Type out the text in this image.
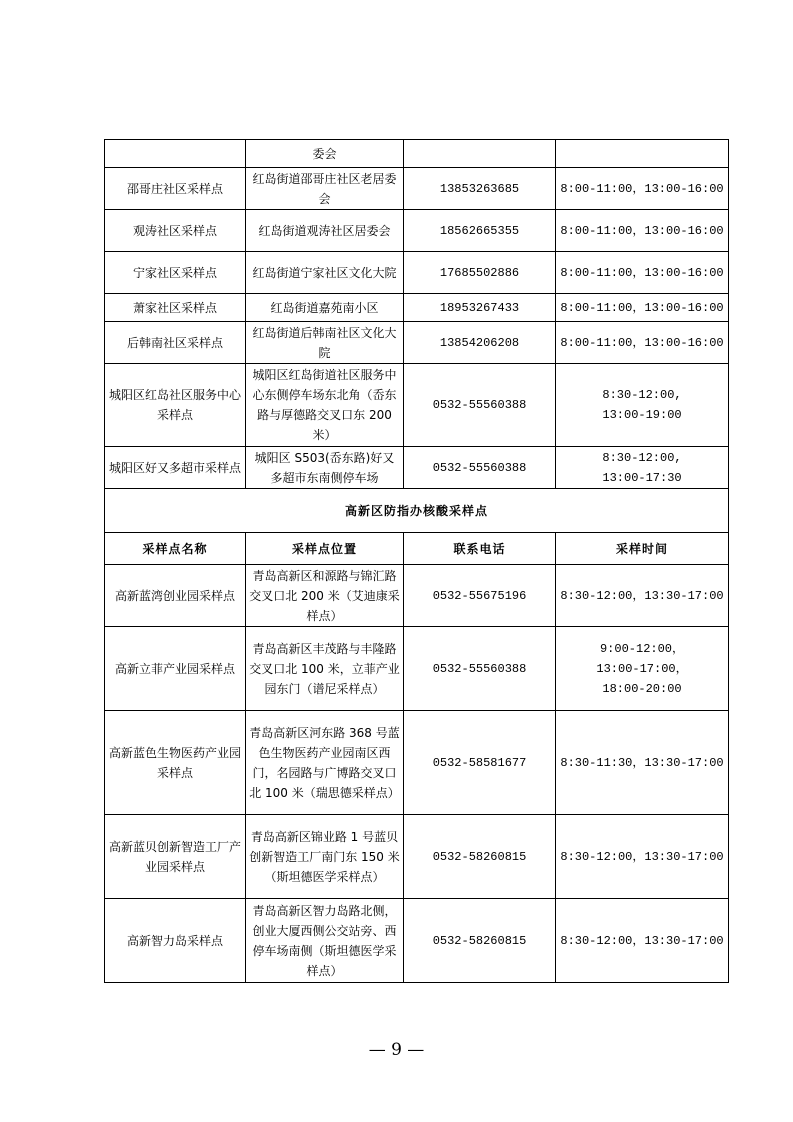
	委会		

邵哥庄社区采样点	红岛街道邵哥庄社区老居委会	13853263685	8:00-11:00，13:00-16:00

观涛社区采样点	红岛街道观涛社区居委会	18562665355	8:00-11:00，13:00-16:00

宁家社区采样点	红岛街道宁家社区文化大院	17685502886	8:00-11:00，13:00-16:00

萧家社区采样点	红岛街道嘉苑南小区	18953267433	8:00-11:00，13:00-16:00

后韩南社区采样点	红岛街道后韩南社区文化大院	13854206208	8:00-11:00，13:00-16:00

城阳区红岛社区服务中心采样点	城阳区红岛街道社区服务中心东侧停车场东北角（岙东路与厚德路交叉口东 200 米）	0532-55560388	8:30-12:00,
13:00-19:00

城阳区好又多超市采样点	城阳区 S503(岙东路)好又多超市东南侧停车场	0532-55560388	8:30-12:00,
13:00-17:30

高新区防指办核酸采样点			
采样点名称	采样点位置	联系电话	采样时间
高新蓝湾创业园采样点	青岛高新区和源路与锦汇路交叉口北 200 米（艾迪康采样点）	0532-55675196	8:30-12:00，13:30-17:00

高新立菲产业园采样点	青岛高新区丰茂路与丰隆路交叉口北 100 米，立菲产业园东门（谱尼采样点）	0532-55560388	9:00-12:00，
13:00-17:00，
18:00-20:00

高新蓝色生物医药产业园采样点	青岛高新区河东路 368 号蓝色生物医药产业园南区西门，名园路与广博路交叉口北 100 米（瑞思德采样点）	0532-58581677	8:30-11:30，13:30-17:00

高新蓝贝创新智造工厂产业园采样点	青岛高新区锦业路 1 号蓝贝创新智造工厂南门东 150 米（斯坦德医学采样点）	0532-58260815	8:30-12:00，13:30-17:00

高新智力岛采样点	青岛高新区智力岛路北侧，创业大厦西侧公交站旁、西停车场南侧（斯坦德医学采样点）	0532-58260815	8:30-12:00，13:30-17:00
— 9 —
